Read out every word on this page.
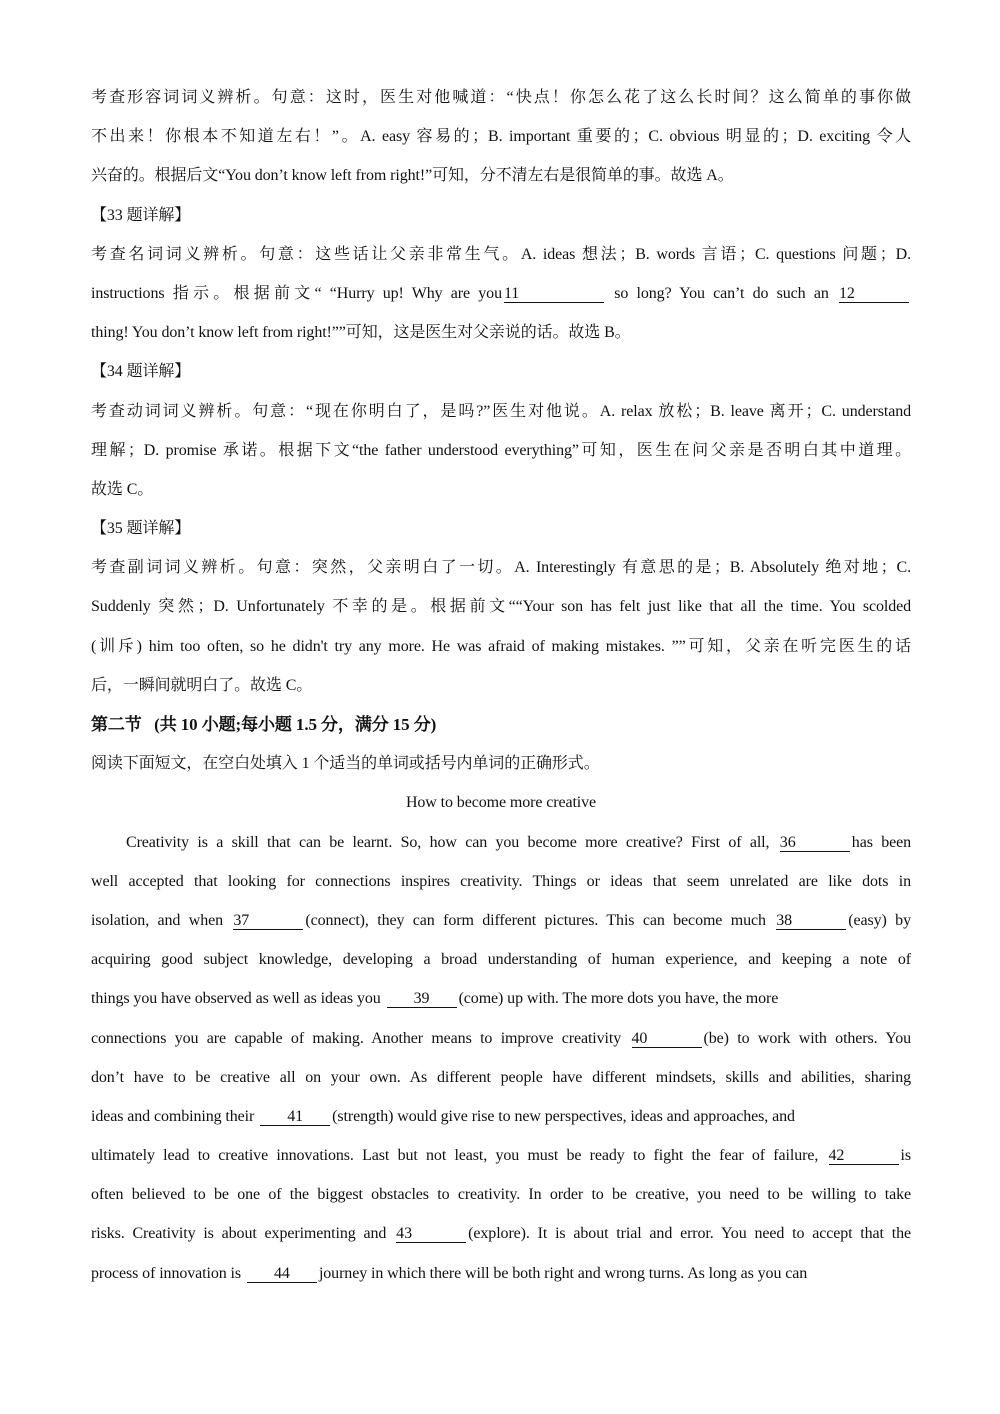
考查形容词词义辨析。句意：这时，医生对他喊道：“快点！你怎么花了这么长时间？这么简单的事你做
不出来！你根本不知道左右！”。A. easy 容易的；B. important 重要的；C. obvious 明显的；D. exciting 令人
兴奋的。根据后文“You don’t know left from right!”可知，分不清左右是很简单的事。故选 A。
【33 题详解】
考查名词词义辨析。句意：这些话让父亲非常生气。A. ideas 想法；B. words 言语；C. questions 问题；D.
instructions 指示。根据前文“ “Hurry up! Why are you 11	so long? You can’t do such an 12
thing! You don’t know left from right!””可知，这是医生对父亲说的话。故选 B。
【34 题详解】
考查动词词义辨析。句意：“现在你明白了，是吗?”医生对他说。A. relax 放松；B. leave 离开；C. understand
理解；D. promise 承诺。根据下文“the father understood everything”可知，医生在问父亲是否明白其中道理。
故选 C。
【35 题详解】
考查副词词义辨析。句意：突然，父亲明白了一切。A. Interestingly 有意思的是；B. Absolutely 绝对地；C.
Suddenly 突然；D. Unfortunately 不幸的是。根据前文““Your son has felt just like that all the time. You scolded
(训斥) him too often, so he didn't try any more. He was afraid of making mistakes. ””可知，父亲在听完医生的话
后，一瞬间就明白了。故选 C。
第二节   (共 10 小题;每小题 1.5 分，满分 15 分)
阅读下面短文，在空白处填入 1 个适当的单词或括号内单词的正确形式。
How to become more creative
Creativity is a skill that can be learnt. So, how can you become more creative? First of all, 36	has been
well accepted that looking for connections inspires creativity. Things or ideas that seem unrelated are like dots in
isolation, and when 37	(connect), they can form different pictures. This can become much 38	(easy) by
acquiring good subject knowledge, developing a broad understanding of human experience, and keeping a note of
things you have observed as well as ideas you 39 (come) up with. The more dots you have, the more
connections you are capable of making. Another means to improve creativity 40	(be) to work with others. You
don’t have to be creative all on your own. As different people have different mindsets, skills and abilities, sharing
ideas and combining their 41 (strength) would give rise to new perspectives, ideas and approaches, and
ultimately lead to creative innovations. Last but not least, you must be ready to fight the fear of failure, 42	is
often believed to be one of the biggest obstacles to creativity. In order to be creative, you need to be willing to take
risks. Creativity is about experimenting and 43	(explore). It is about trial and error. You need to accept that the
process of innovation is 44 journey in which there will be both right and wrong turns. As long as you can
